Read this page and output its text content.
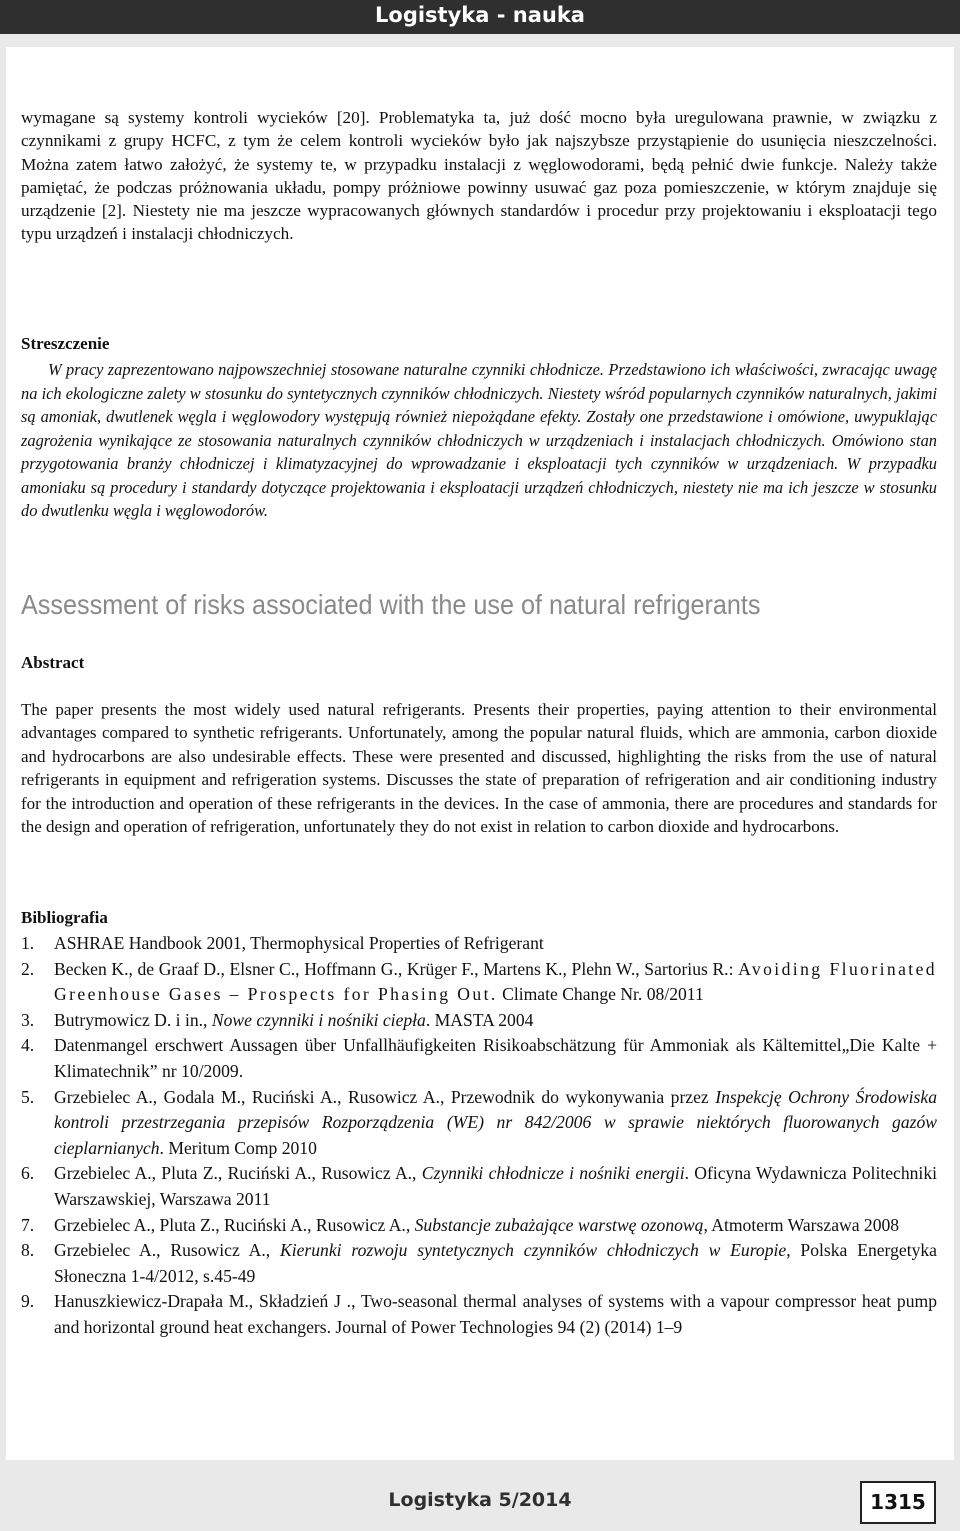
Logistyka - nauka

wymagane są systemy kontroli wycieków [20]. Problematyka ta, już dość mocno była uregulowana prawnie, w związku z czynnikami z grupy HCFC, z tym że celem kontroli wycieków było jak najszybsze przystąpienie do usunięcia nieszczelności. Można zatem łatwo założyć, że systemy te, w przypadku instalacji z węglowodorami, będą pełnić dwie funkcje. Należy także pamiętać, że podczas próżnowania układu, pompy próżniowe powinny usuwać gaz poza pomieszczenie, w którym znajduje się urządzenie [2]. Niestety nie ma jeszcze wypracowanych głównych standardów i procedur przy projektowaniu i eksploatacji tego typu urządzeń i instalacji chłodniczych.

Streszczenie

W pracy zaprezentowano najpowszechniej stosowane naturalne czynniki chłodnicze. Przedstawiono ich właściwości, zwracając uwagę na ich ekologiczne zalety w stosunku do syntetycznych czynników chłodniczych. Niestety wśród popularnych czynników naturalnych, jakimi są amoniak, dwutlenek węgla i węglowodory występują również niepożądane efekty. Zostały one przedstawione i omówione, uwypuklając zagrożenia wynikające ze stosowania naturalnych czynników chłodniczych w urządzeniach i instalacjach chłodniczych. Omówiono stan przygotowania branży chłodniczej i klimatyzacyjnej do wprowadzanie i eksploatacji tych czynników w urządzeniach. W przypadku amoniaku są procedury i standardy dotyczące projektowania i eksploatacji urządzeń chłodniczych, niestety nie ma ich jeszcze w stosunku do dwutlenku węgla i węglowodorów.

Assessment of risks associated with the use of natural refrigerants
Abstract

The paper presents the most widely used natural refrigerants. Presents their properties, paying attention to their environmental advantages compared to synthetic refrigerants. Unfortunately, among the popular natural fluids, which are ammonia, carbon dioxide and hydrocarbons are also undesirable effects. These were presented and discussed, highlighting the risks from the use of natural refrigerants in equipment and refrigeration systems. Discusses the state of preparation of refrigeration and air conditioning industry for the introduction and operation of these refrigerants in the devices. In the case of ammonia, there are procedures and standards for the design and operation of refrigeration, unfortunately they do not exist in relation to carbon dioxide and hydrocarbons.

Bibliografia
1. ASHRAE Handbook 2001, Thermophysical Properties of Refrigerant
2. Becken K., de Graaf D., Elsner C., Hoffmann G., Krüger F., Martens K., Plehn W., Sartorius R.: Avoiding Fluorinated Greenhouse Gases – Prospects for Phasing Out. Climate Change Nr. 08/2011
3. Butrymowicz D. i in., Nowe czynniki i nośniki ciepła. MASTA 2004
4. Datenmangel erschwert Aussagen über Unfallhäufigkeiten Risikoabschätzung für Ammoniak als Kältemittel„Die Kalte + Klimatechnik” nr 10/2009.
5. Grzebielec A., Godala M., Ruciński A., Rusowicz A., Przewodnik do wykonywania przez Inspekcję Ochrony Środowiska kontroli przestrzegania przepisów Rozporządzenia (WE) nr 842/2006 w sprawie niektórych fluorowanych gazów cieplarnianych. Meritum Comp 2010
6. Grzebielec A., Pluta Z., Ruciński A., Rusowicz A., Czynniki chłodnicze i nośniki energii. Oficyna Wydawnicza Politechniki Warszawskiej, Warszawa 2011
7. Grzebielec A., Pluta Z., Ruciński A., Rusowicz A., Substancje zubażające warstwę ozonową, Atmoterm Warszawa 2008
8. Grzebielec A., Rusowicz A., Kierunki rozwoju syntetycznych czynników chłodniczych w Europie, Polska Energetyka Słoneczna 1-4/2012, s.45-49
9. Hanuszkiewicz-Drapała M., Składzień J ., Two-seasonal thermal analyses of systems with a vapour compressor heat pump and horizontal ground heat exchangers. Journal of Power Technologies 94 (2) (2014) 1–9
Logistyka 5/2014	1315
